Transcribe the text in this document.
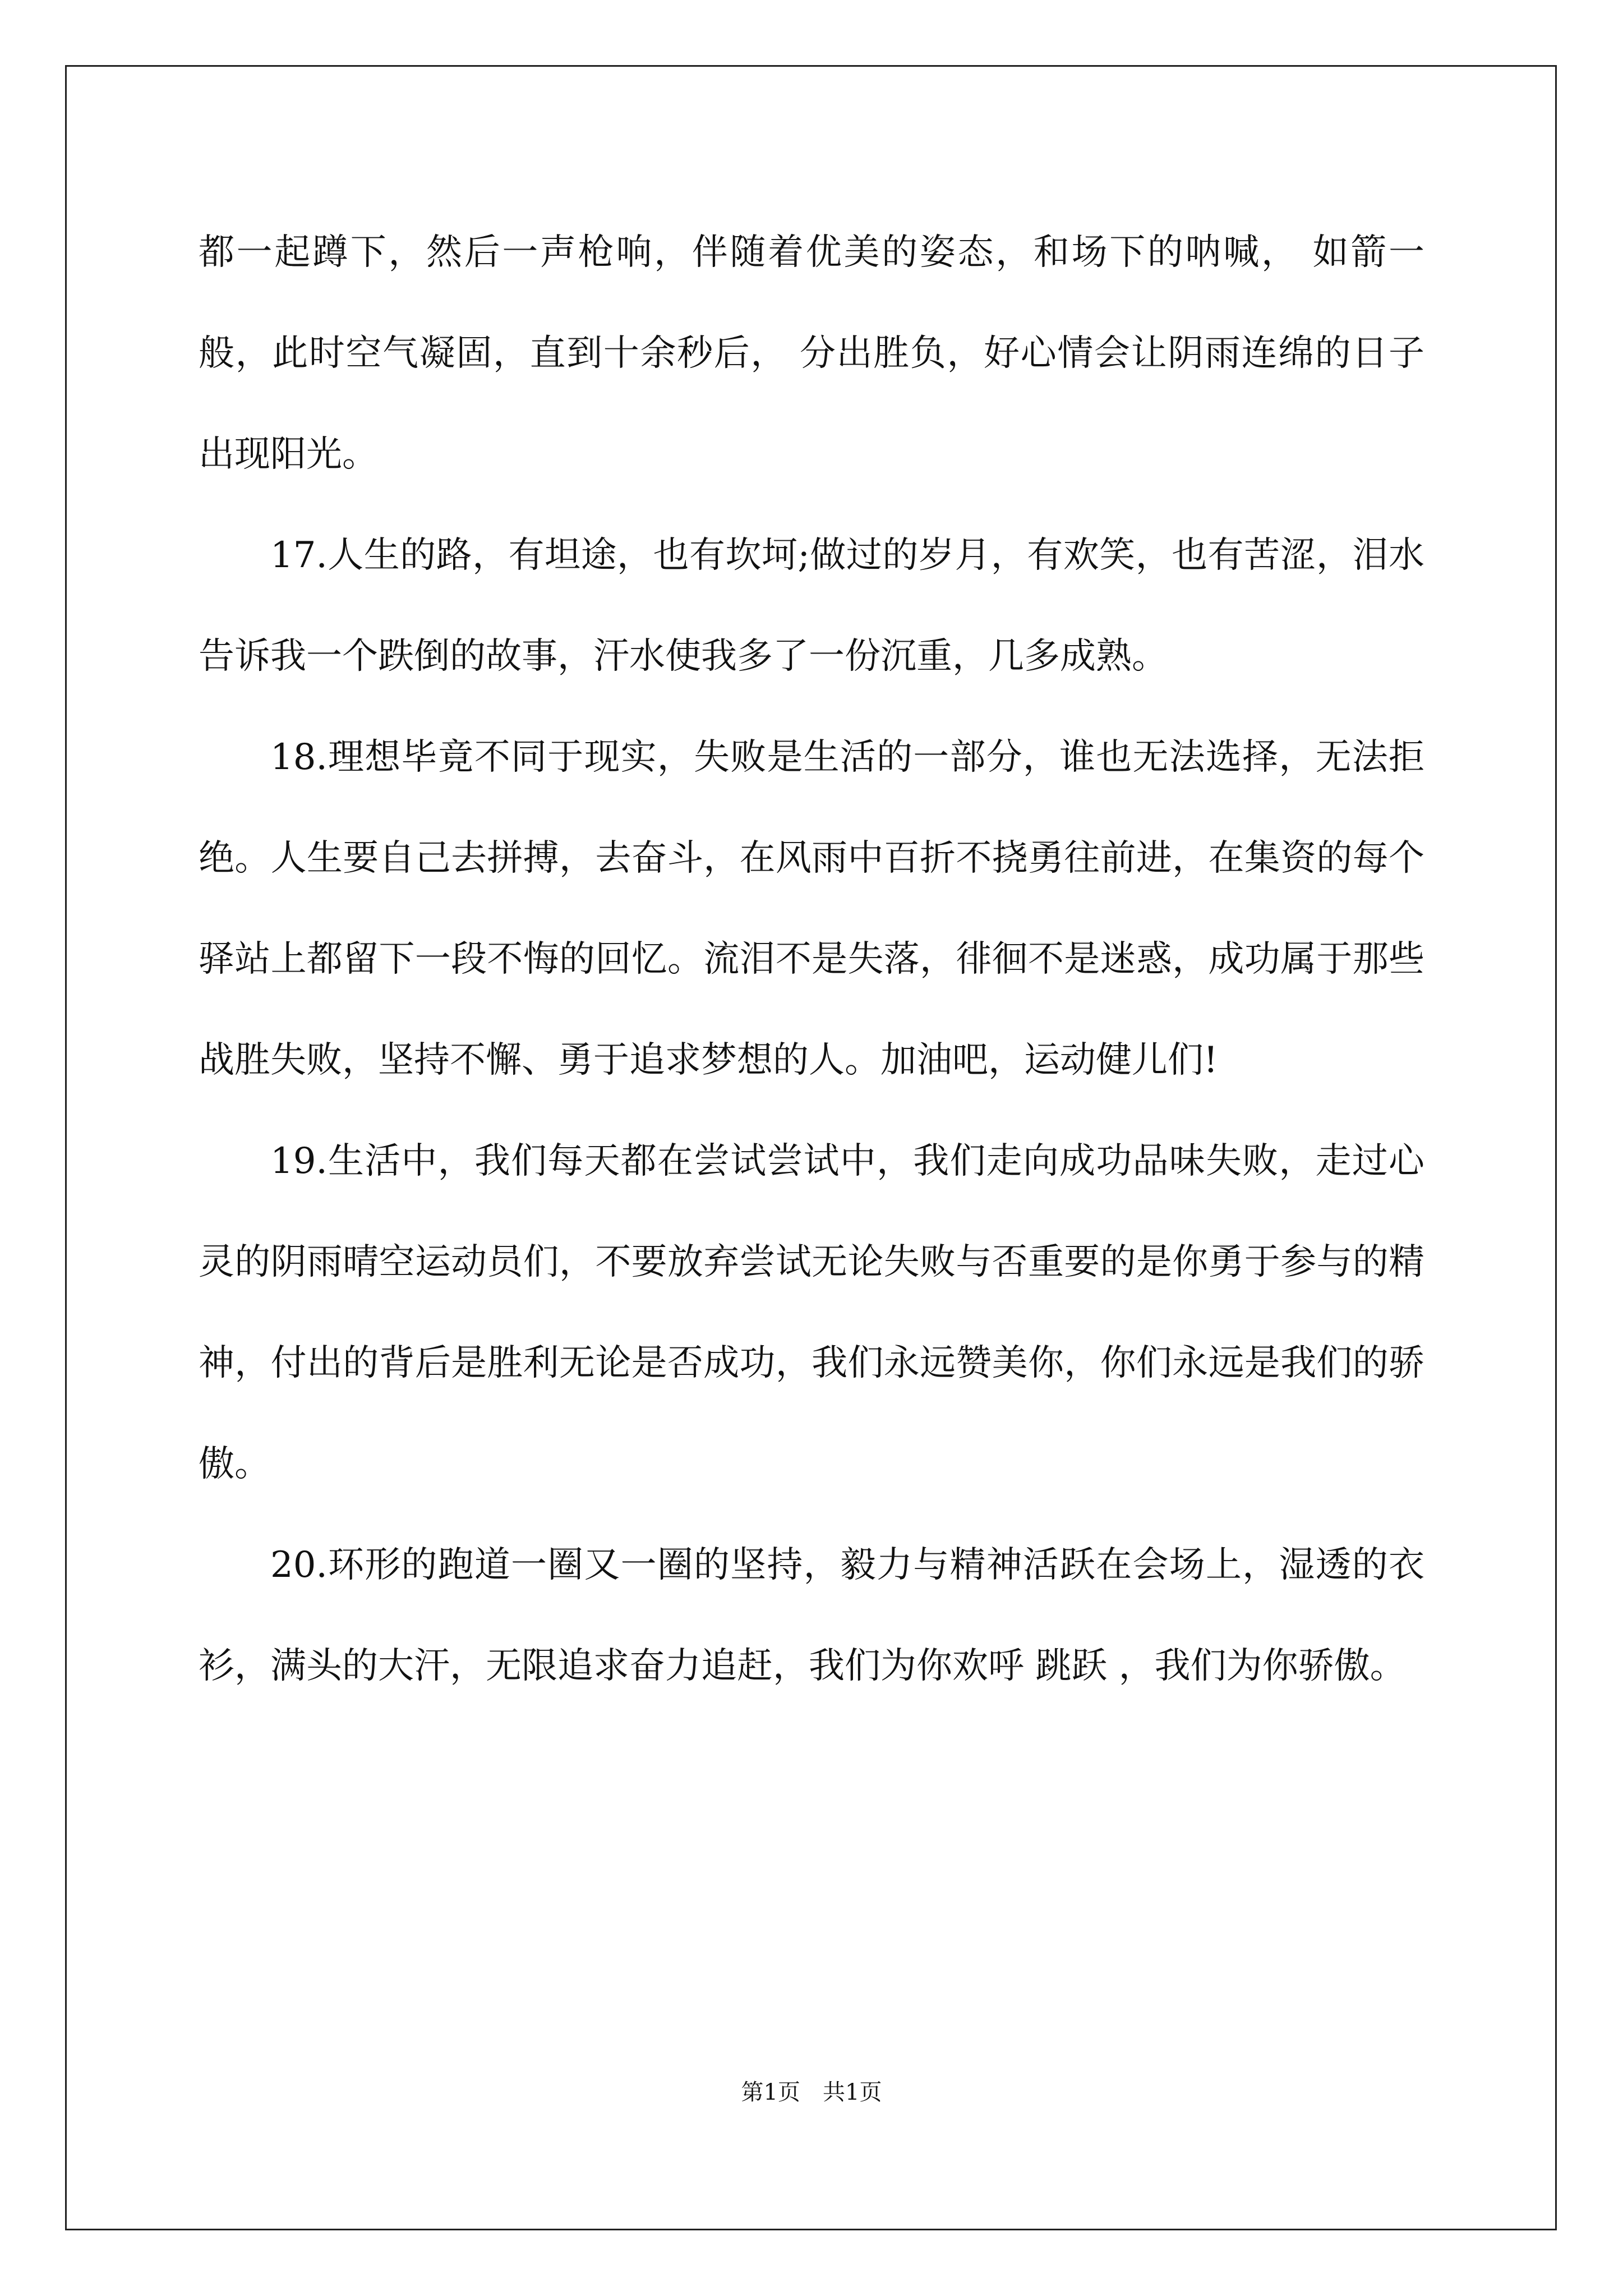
都一起蹲下，然后一声枪响，伴随着优美的姿态，和场下的呐喊， 如箭一般，此时空气凝固，直到十余秒后， 分出胜负，好心情会让阴雨连绵的日子出现阳光。

17.人生的路，有坦途，也有坎坷;做过的岁月，有欢笑，也有苦涩，泪水告诉我一个跌倒的故事，汗水使我多了一份沉重，几多成熟。

18.理想毕竟不同于现实，失败是生活的一部分，谁也无法选择，无法拒绝。人生要自己去拼搏，去奋斗，在风雨中百折不挠勇往前进，在集资的每个驿站上都留下一段不悔的回忆。流泪不是失落，徘徊不是迷惑，成功属于那些战胜失败，坚持不懈、勇于追求梦想的人。加油吧，运动健儿们!

19.生活中，我们每天都在尝试尝试中，我们走向成功品味失败，走过心灵的阴雨晴空运动员们，不要放弃尝试无论失败与否重要的是你勇于参与的精神，付出的背后是胜利无论是否成功，我们永远赞美你，你们永远是我们的骄傲。

20.环形的跑道一圈又一圈的坚持，毅力与精神活跃在会场上，湿透的衣衫，满头的大汗，无限追求奋力追赶，我们为你欢呼 跳跃 ，我们为你骄傲。

第1页 共1页
